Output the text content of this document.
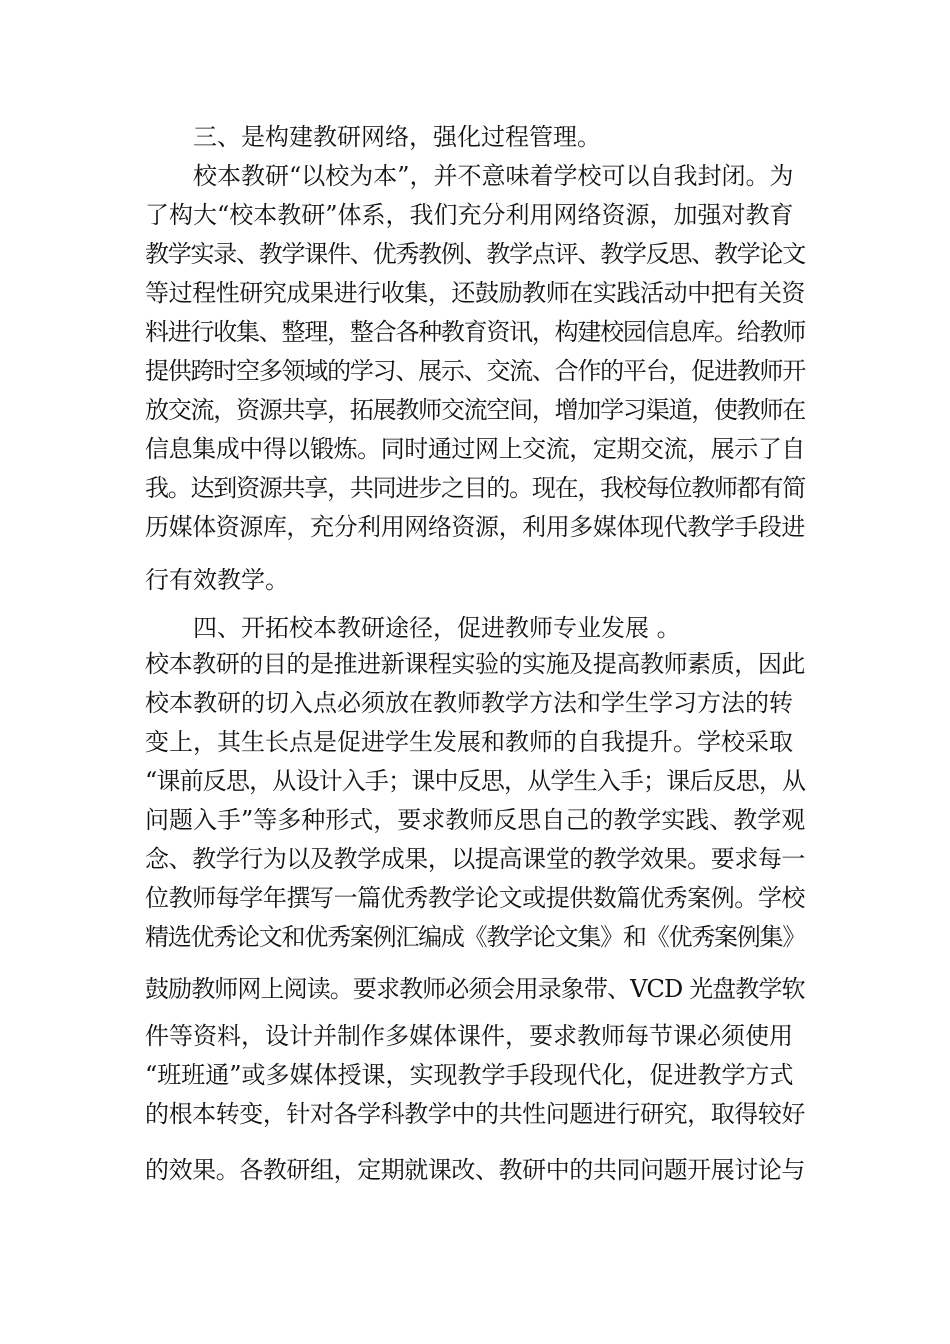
三、是构建教研网络，强化过程管理。
校本教研“以校为本”，并不意味着学校可以自我封闭。为
了构大“校本教研”体系，我们充分利用网络资源，加强对教育
教学实录、教学课件、优秀教例、教学点评、教学反思、教学论文
等过程性研究成果进行收集，还鼓励教师在实践活动中把有关资
料进行收集、整理，整合各种教育资讯，构建校园信息库。给教师
提供跨时空多领域的学习、展示、交流、合作的平台，促进教师开
放交流，资源共享，拓展教师交流空间，增加学习渠道，使教师在
信息集成中得以锻炼。同时通过网上交流，定期交流，展示了自
我。达到资源共享，共同进步之目的。现在，我校每位教师都有简
历媒体资源库，充分利用网络资源，利用多媒体现代教学手段进
行有效教学。
四、开拓校本教研途径，促进教师专业发展 。
校本教研的目的是推进新课程实验的实施及提高教师素质，因此
校本教研的切入点必须放在教师教学方法和学生学习方法的转
变上，其生长点是促进学生发展和教师的自我提升。学校采取
“课前反思，从设计入手；课中反思，从学生入手；课后反思，从
问题入手”等多种形式，要求教师反思自己的教学实践、教学观
念、教学行为以及教学成果，以提高课堂的教学效果。要求每一
位教师每学年撰写一篇优秀教学论文或提供数篇优秀案例。学校
精选优秀论文和优秀案例汇编成《教学论文集》和《优秀案例集》
鼓励教师网上阅读。要求教师必须会用录象带、VCD 光盘教学软
件等资料，设计并制作多媒体课件，要求教师每节课必须使用
“班班通”或多媒体授课，实现教学手段现代化，促进教学方式
的根本转变，针对各学科教学中的共性问题进行研究，取得较好
的效果。各教研组，定期就课改、教研中的共同问题开展讨论与
